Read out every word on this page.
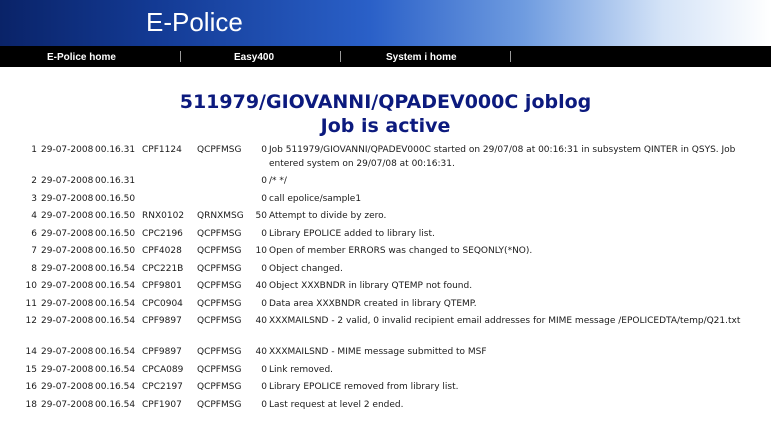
E-Police
E-Police home	Easy400	System i home
511979/GIOVANNI/QPADEV000C joblog
Job is active
1 29-07-2008 00.16.31 CPF1124 QCPFMSG	0 Job 511979/GIOVANNI/QPADEV000C started on 29/07/08 at 00:16:31 in subsystem QINTER in QSYS. Job entered system on 29/07/08 at 00:16:31.
2 29-07-2008 00.16.31	0 /* */
3 29-07-2008 00.16.50	0 call epolice/sample1
4 29-07-2008 00.16.50 RNX0102 QRNXMSG 50 Attempt to divide by zero.
6 29-07-2008 00.16.50 CPC2196 QCPFMSG	0 Library EPOLICE added to library list.
7 29-07-2008 00.16.50 CPF4028 QCPFMSG 10 Open of member ERRORS was changed to SEQONLY(*NO).
8 29-07-2008 00.16.54 CPC221B QCPFMSG	0 Object changed.
10 29-07-2008 00.16.54 CPF9801 QCPFMSG 40 Object XXXBNDR in library QTEMP not found.
11 29-07-2008 00.16.54 CPC0904 QCPFMSG	0 Data area XXXBNDR created in library QTEMP.
12 29-07-2008 00.16.54 CPF9897 QCPFMSG 40 XXXMAILSND - 2 valid, 0 invalid recipient email addresses for MIME message /EPOLICEDTA/temp/Q21.txt
14 29-07-2008 00.16.54 CPF9897 QCPFMSG 40 XXXMAILSND - MIME message submitted to MSF
15 29-07-2008 00.16.54 CPCA089 QCPFMSG	0 Link removed.
16 29-07-2008 00.16.54 CPC2197 QCPFMSG	0 Library EPOLICE removed from library list.
18 29-07-2008 00.16.54 CPF1907 QCPFMSG	0 Last request at level 2 ended.
